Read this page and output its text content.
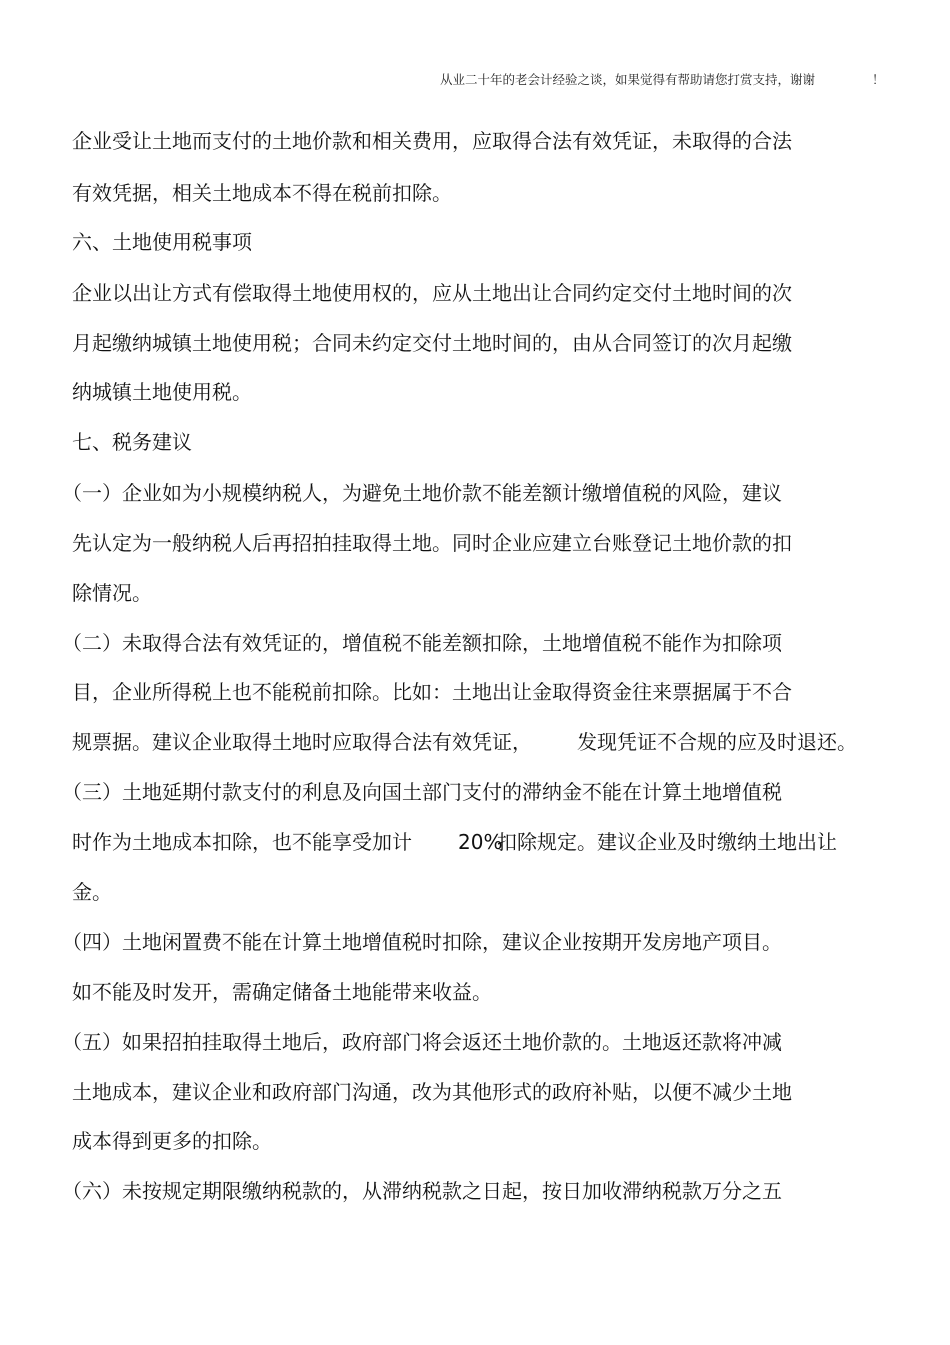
从业二十年的老会计经验之谈，如果觉得有帮助请您打赏支持，谢谢	！
企业受让土地而支付的土地价款和相关费用，应取得合法有效凭证，未取得的合法
有效凭据，相关土地成本不得在税前扣除。
六、土地使用税事项
企业以出让方式有偿取得土地使用权的，应从土地出让合同约定交付土地时间的次
月起缴纳城镇土地使用税；合同未约定交付土地时间的，由从合同签订的次月起缴
纳城镇土地使用税。
七、税务建议
（一）企业如为小规模纳税人，为避免土地价款不能差额计缴增值税的风险，建议
先认定为一般纳税人后再招拍挂取得土地。同时企业应建立台账登记土地价款的扣
除情况。
（二）未取得合法有效凭证的，增值税不能差额扣除，土地增值税不能作为扣除项
目，企业所得税上也不能税前扣除。比如：土地出让金取得资金往来票据属于不合
规票据。建议企业取得土地时应取得合法有效凭证， 发现凭证不合规的应及时退还。
（三）土地延期付款支付的利息及向国土部门支付的滞纳金不能在计算土地增值税
时作为土地成本扣除，也不能享受加计 20%
扣除规定。建议企业及时缴纳土地出让
金。
（四）土地闲置费不能在计算土地增值税时扣除，建议企业按期开发房地产项目。
如不能及时发开，需确定储备土地能带来收益。
（五）如果招拍挂取得土地后，政府部门将会返还土地价款的。土地返还款将冲减
土地成本，建议企业和政府部门沟通，改为其他形式的政府补贴，以便不减少土地
成本得到更多的扣除。
（六）未按规定期限缴纳税款的，从滞纳税款之日起，按日加收滞纳税款万分之五
